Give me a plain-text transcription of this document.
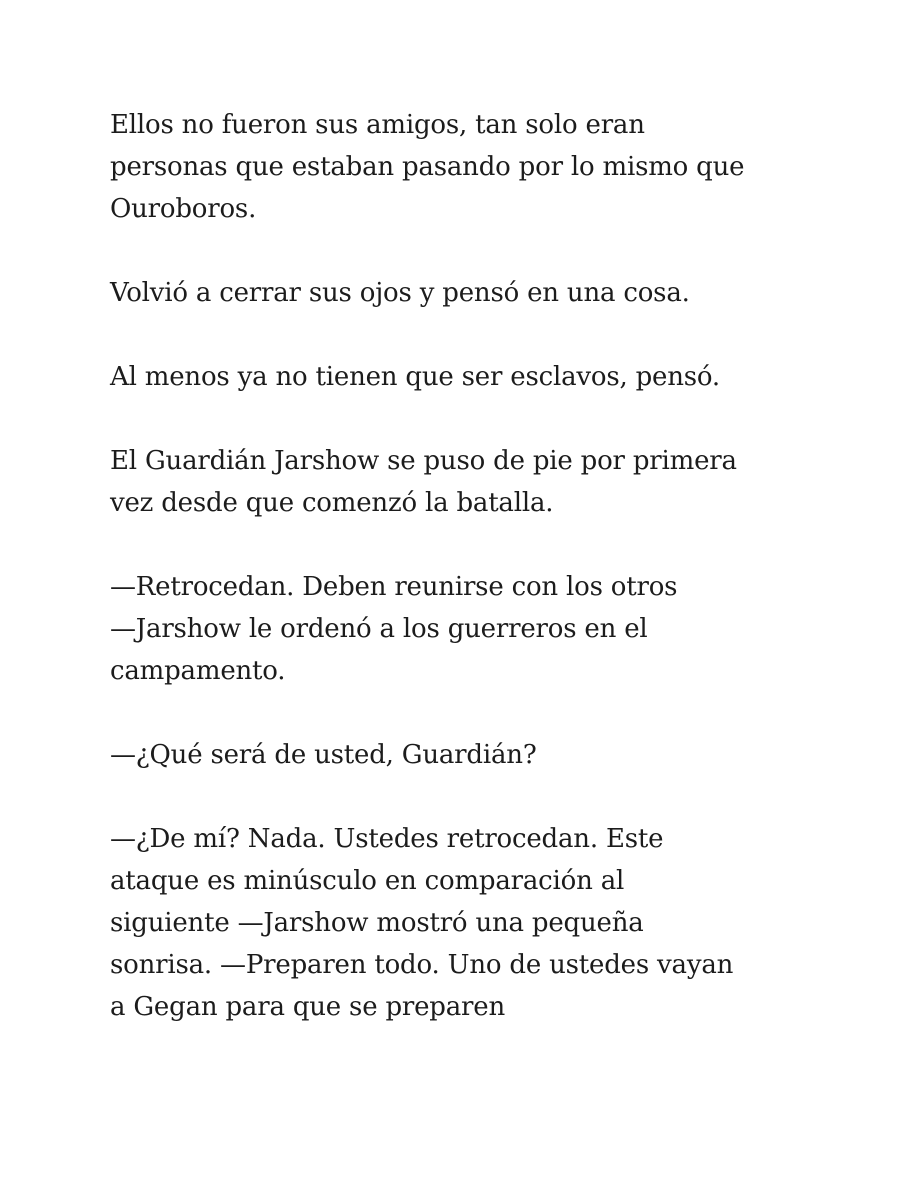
Ellos no fueron sus amigos, tan solo eran
personas que estaban pasando por lo mismo que
Ouroboros.

Volvió a cerrar sus ojos y pensó en una cosa.

Al menos ya no tienen que ser esclavos, pensó.

El Guardián Jarshow se puso de pie por primera
vez desde que comenzó la batalla.

—Retrocedan. Deben reunirse con los otros
—Jarshow le ordenó a los guerreros en el
campamento.

—¿Qué será de usted, Guardián?

—¿De mí? Nada. Ustedes retrocedan. Este
ataque es minúsculo en comparación al
siguiente —Jarshow mostró una pequeña
sonrisa. —Preparen todo. Uno de ustedes vayan
a Gegan para que se preparen
